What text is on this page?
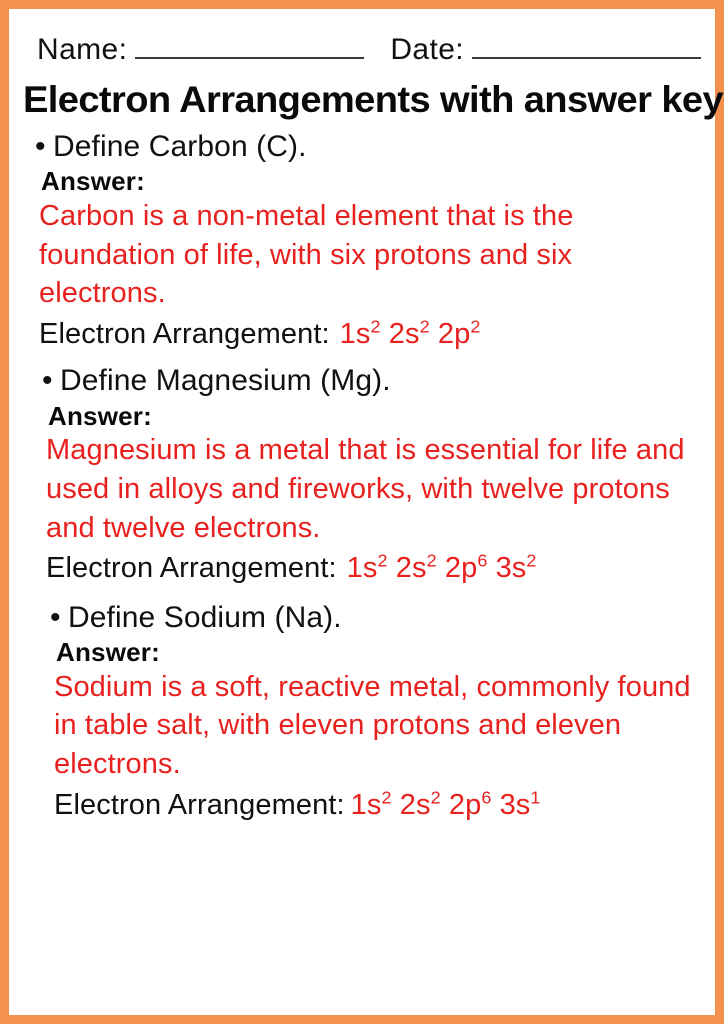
Name:	Date:
Electron Arrangements with answer key
• Define Carbon (C).
Answer:
Carbon is a non-metal element that is the foundation of life, with six protons and six electrons.
Electron Arrangement: $1s^2$ $2s^2$ $2p^2$
• Define Magnesium (Mg).
Answer:
Magnesium is a metal that is essential for life and used in alloys and fireworks, with twelve protons and twelve electrons.
Electron Arrangement: $1s^2$ $2s^2$ $2p^6$ $3s^2$
• Define Sodium (Na).
Answer:
Sodium is a soft, reactive metal, commonly found in table salt, with eleven protons and eleven electrons.
Electron Arrangement: $1s^2$ $2s^2$ $2p^6$ $3s^1$
